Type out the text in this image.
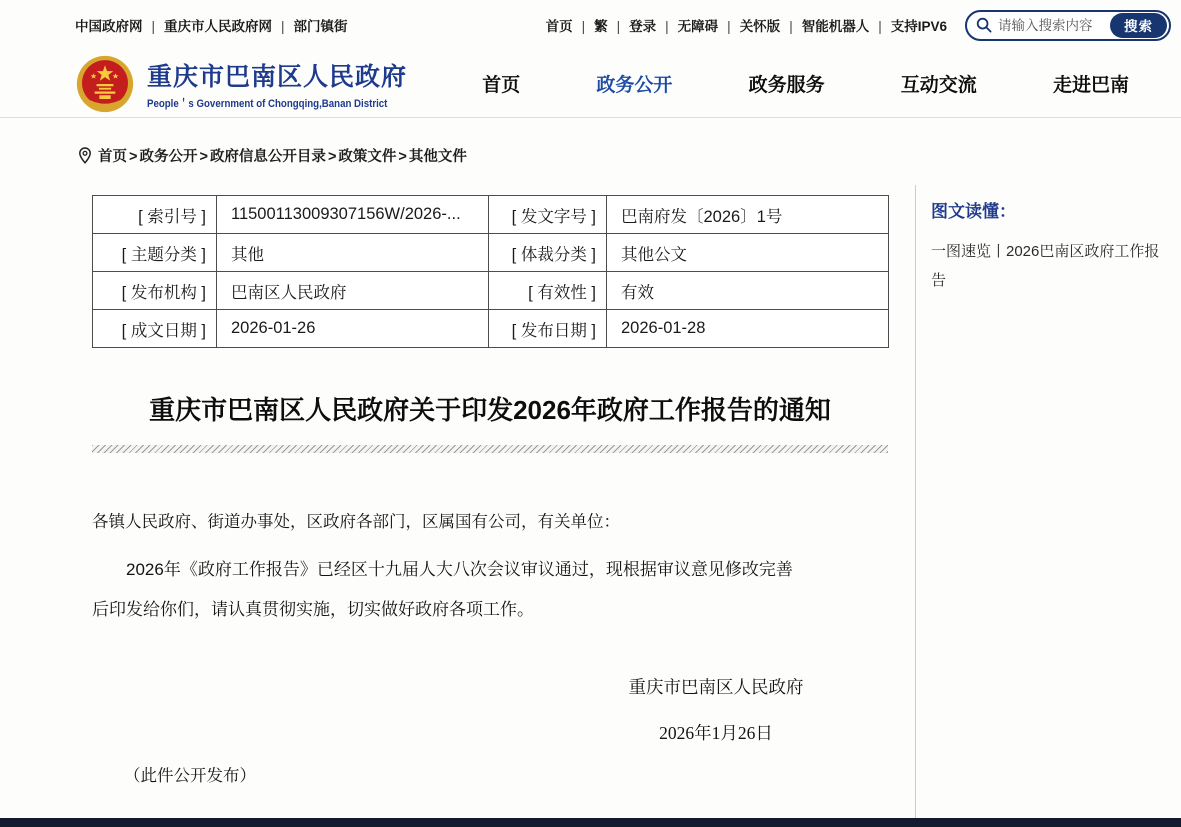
中国政府网	| 重庆市人民政府网	| 部门镇街	首页	| 繁	| 登录	| 无障碍	| 关怀版	| 智能机器人	| 支持IPV6
请输入搜索内容	搜索
重庆市巴南区人民政府
People＇s Government of Chongqing,Banan District
首页	政务公开	政务服务	互动交流	走进巴南
首页 > 政务公开 > 政府信息公开目录 > 政策文件 > 其他文件
[ 索引号 ]	11500113009307156W/2026-...	[ 发文字号 ]	巴南府发〔2026〕1号
[ 主题分类 ]	其他	[ 体裁分类 ]	其他公文
[ 发布机构 ]	巴南区人民政府	[ 有效性 ]	有效
[ 成文日期 ]	2026-01-26	[ 发布日期 ]	2026-01-28
重庆市巴南区人民政府关于印发2026年政府工作报告的通知
各镇人民政府、街道办事处，区政府各部门，区属国有公司，有关单位：
2026年《政府工作报告》已经区十九届人大八次会议审议通过，现根据审议意见修改完善后印发给你们，请认真贯彻实施，切实做好政府各项工作。
重庆市巴南区人民政府
2026年1月26日
（此件公开发布）
图文读懂：
一图速览丨2026巴南区政府工作报告
